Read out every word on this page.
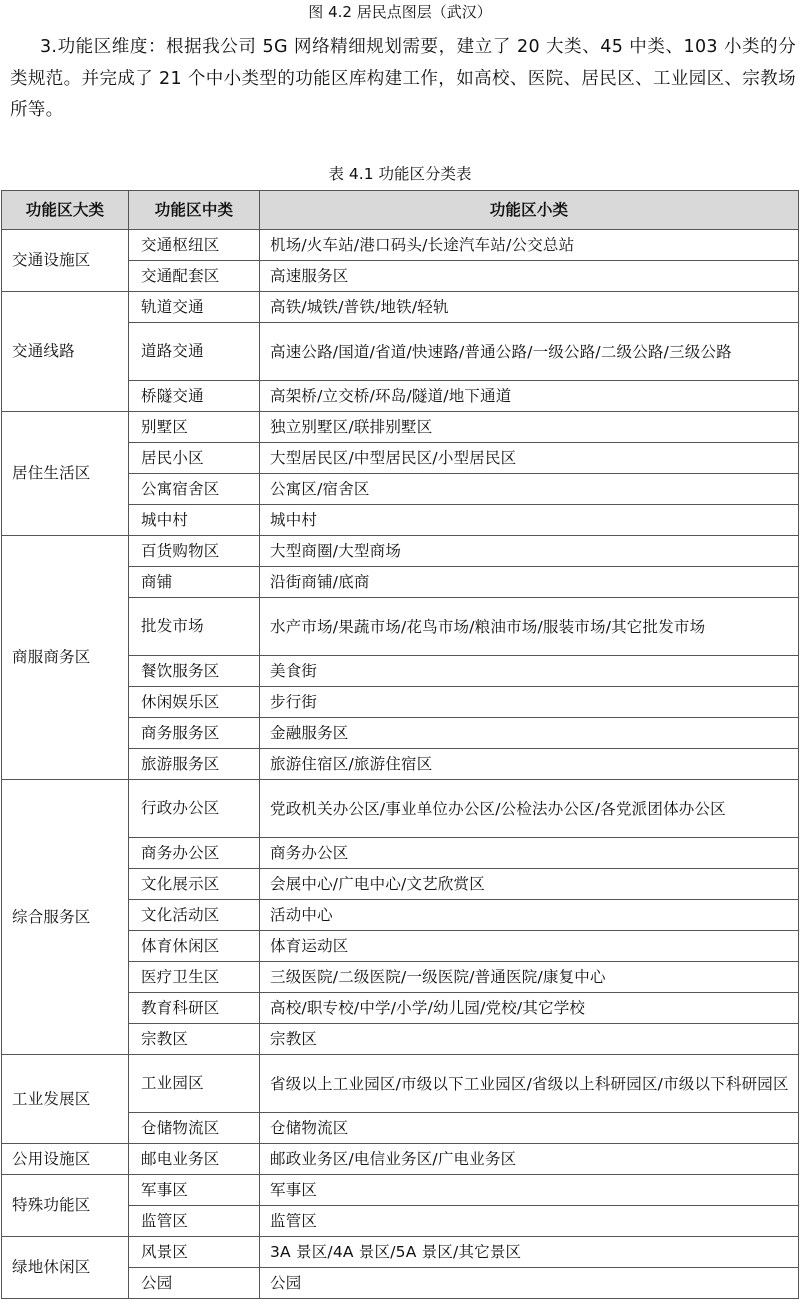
图 4.2 居民点图层（武汉）

3.功能区维度：根据我公司 5G 网络精细规划需要，建立了 20 大类、45 中类、103 小类的分类规范。并完成了 21 个中小类型的功能区库构建工作，如高校、医院、居民区、工业园区、宗教场所等。

表 4.1 功能区分类表
功能区大类	功能区中类	功能区小类
交通设施区	交通枢纽区	机场/火车站/港口码头/长途汽车站/公交总站
	交通配套区	高速服务区
交通线路	轨道交通	高铁/城铁/普铁/地铁/轻轨
	道路交通	高速公路/国道/省道/快速路/普通公路/一级公路/二级公路/三级公路
	桥隧交通	高架桥/立交桥/环岛/隧道/地下通道
居住生活区	别墅区	独立别墅区/联排别墅区
	居民小区	大型居民区/中型居民区/小型居民区
	公寓宿舍区	公寓区/宿舍区
	城中村	城中村
商服商务区	百货购物区	大型商圈/大型商场
	商铺	沿街商铺/底商
	批发市场	水产市场/果蔬市场/花鸟市场/粮油市场/服装市场/其它批发市场
	餐饮服务区	美食街
	休闲娱乐区	步行街
	商务服务区	金融服务区
	旅游服务区	旅游住宿区/旅游住宿区
综合服务区	行政办公区	党政机关办公区/事业单位办公区/公检法办公区/各党派团体办公区
	商务办公区	商务办公区
	文化展示区	会展中心/广电中心/文艺欣赏区
	文化活动区	活动中心
	体育休闲区	体育运动区
	医疗卫生区	三级医院/二级医院/一级医院/普通医院/康复中心
	教育科研区	高校/职专校/中学/小学/幼儿园/党校/其它学校
	宗教区	宗教区
工业发展区	工业园区	省级以上工业园区/市级以下工业园区/省级以上科研园区/市级以下科研园区
	仓储物流区	仓储物流区
公用设施区	邮电业务区	邮政业务区/电信业务区/广电业务区
特殊功能区	军事区	军事区
	监管区	监管区
绿地休闲区	风景区	3A 景区/4A 景区/5A 景区/其它景区
	公园	公园
